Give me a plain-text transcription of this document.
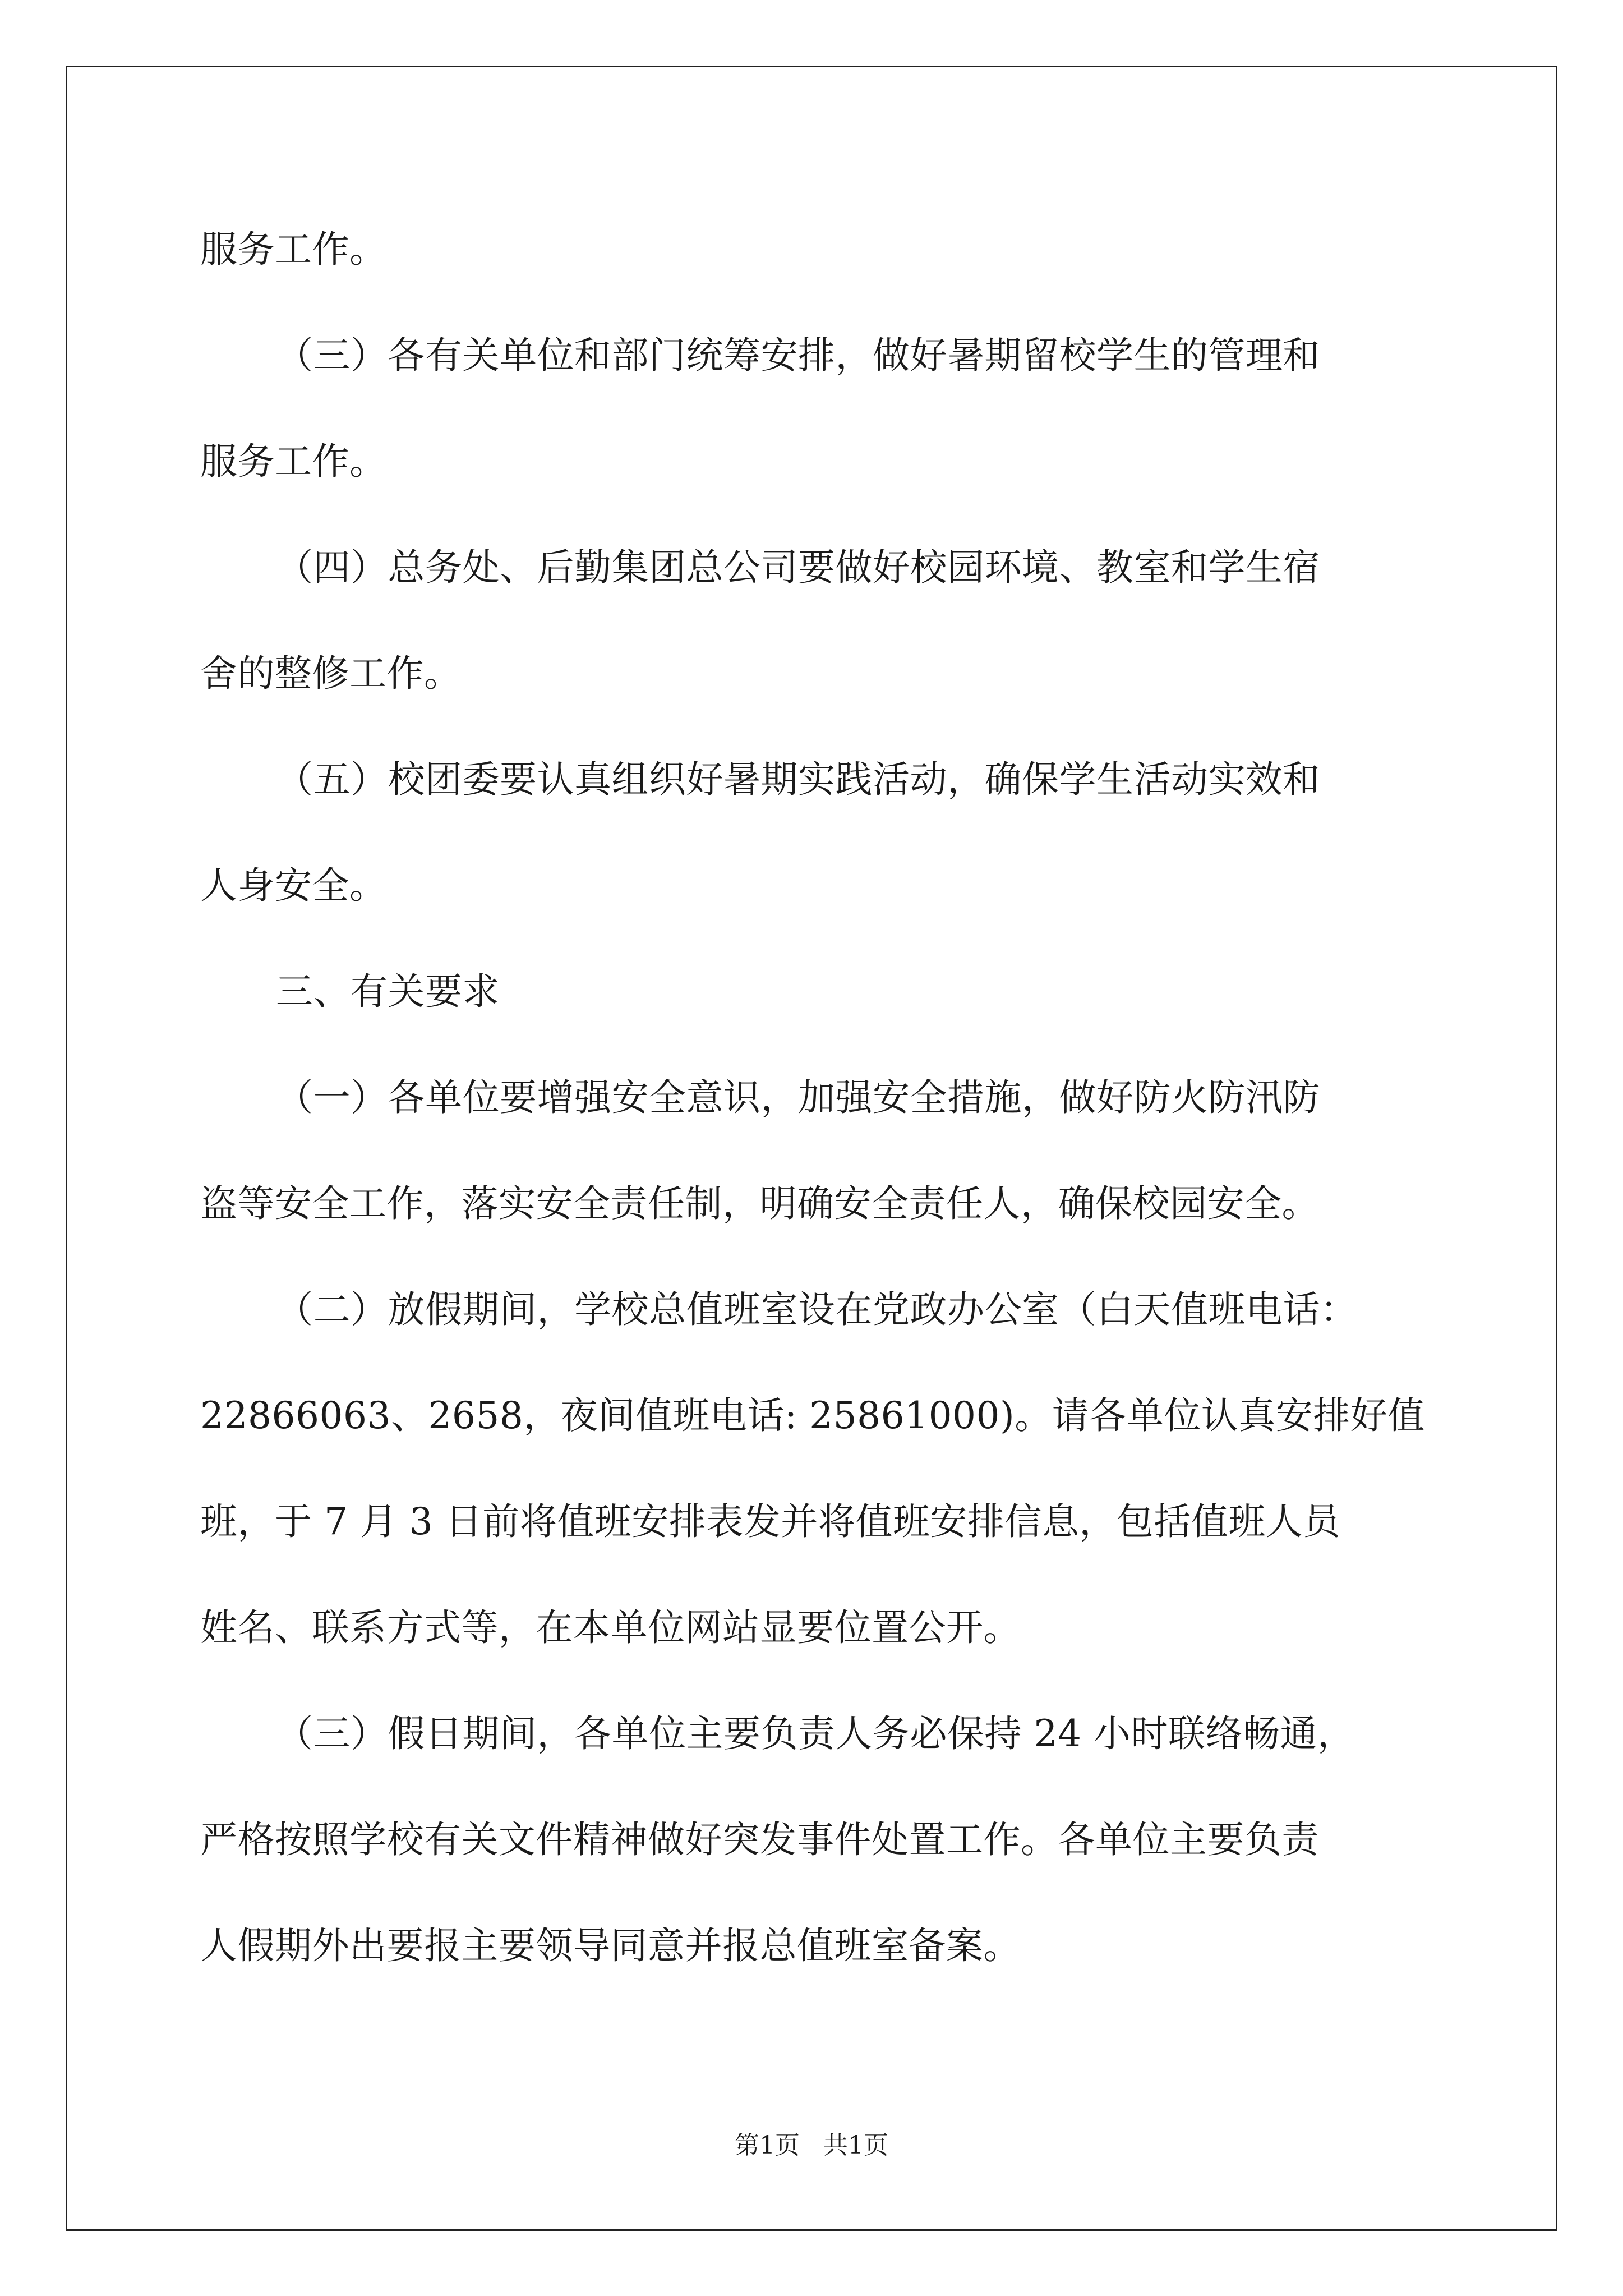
服务工作。
（三）各有关单位和部门统筹安排，做好暑期留校学生的管理和
服务工作。
（四）总务处、后勤集团总公司要做好校园环境、教室和学生宿
舍的整修工作。
（五）校团委要认真组织好暑期实践活动，确保学生活动实效和
人身安全。
三、有关要求
（一）各单位要增强安全意识，加强安全措施，做好防火防汛防
盗等安全工作，落实安全责任制，明确安全责任人，确保校园安全。
（二）放假期间，学校总值班室设在党政办公室（白天值班电话：
22866063、2658，夜间值班电话: 25861000)。请各单位认真安排好值
班，于 7 月 3 日前将值班安排表发并将值班安排信息，包括值班人员
姓名、联系方式等，在本单位网站显要位置公开。
（三）假日期间，各单位主要负责人务必保持 24 小时联络畅通，
严格按照学校有关文件精神做好突发事件处置工作。各单位主要负责
人假期外出要报主要领导同意并报总值班室备案。
第1页   共1页
